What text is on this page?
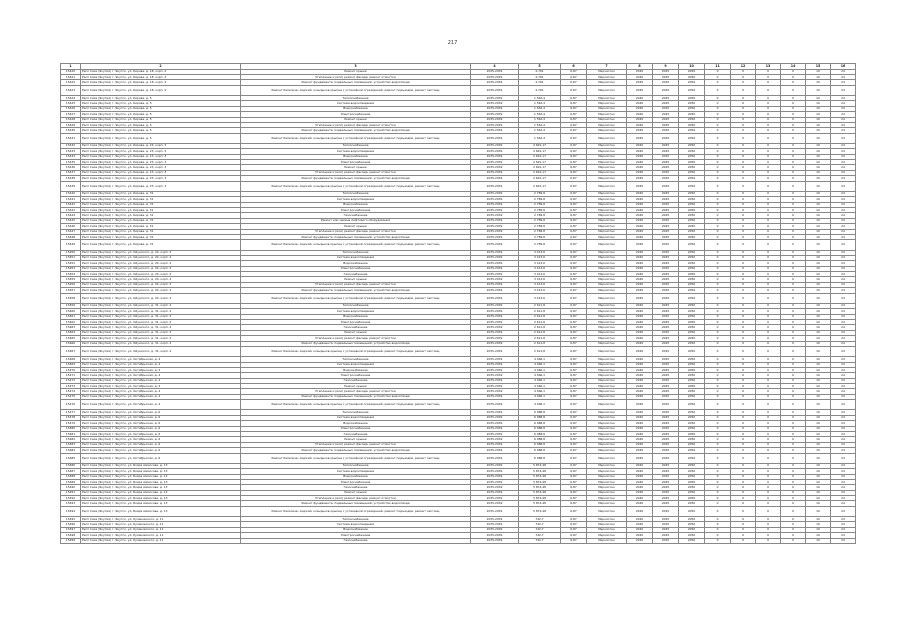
217
1	2	3	4	5	6	7	8	9	10	11	12	13	14	15	16
15420	Респ Саха (Якутия) г. Якутск, ул. Кирова, д. 18, корп. 2	Ремонт крыши	2035-2039	2,761	6,87	Мерзлотно	2040	2045	2050	0	0	0	0	10	24
15421	Респ Саха (Якутия) г. Якутск, ул. Кирова, д. 18, корп. 2	Утепление и (или) ремонт фасада, ремонт отмостки	2035-2039	2,761	6,87	Мерзлотно	2040	2045	2050	0	0	0	0	10	24
15422	Респ Саха (Якутия) г. Якутск, ул. Кирова, д. 18, корп. 2	Ремонт фундамента, подвальных помещений, устройство водоотвода	2035-2039	2,761	6,87	Мерзлотно	2040	2045	2050	0	0	0	0	10	24
15423	Респ Саха (Якутия) г. Якутск, ул. Кирова, д. 18, корп. 2	Ремонт балконов, лоджий, козырьков крылец с установкой ограждений, ремонт подъездов, ремонт лестниц	2035-2039	2,761	6,87	Мерзлотно	2040	2045	2050	0	0	0	0	10	24
15424	Респ Саха (Якутия) г. Якутск, ул. Кирова, д. 5	Теплоснабжение	2035-2039	1 562,4	6,87	Мерзлотно	2040	2045	2050	0	0	0	0	10	24
15425	Респ Саха (Якутия) г. Якутск, ул. Кирова, д. 5	Система водоотведения	2035-2039	1 562,4	6,87	Мерзлотно	2040	2045	2050	0	0	0	0	10	24
15426	Респ Саха (Якутия) г. Якутск, ул. Кирова, д. 5	Водоснабжение	2035-2039	1 562,4	6,87	Мерзлотно	2040	2045	2050	0	0	0	0	10	24
15427	Респ Саха (Якутия) г. Якутск, ул. Кирова, д. 5	Электроснабжение	2035-2039	1 562,4	6,87	Мерзлотно	2040	2045	2050	0	0	0	0	10	24
15428	Респ Саха (Якутия) г. Якутск, ул. Кирова, д. 5	Ремонт крыши	2035-2039	1 562,4	6,87	Мерзлотно	2040	2045	2050	0	0	0	0	10	24
15429	Респ Саха (Якутия) г. Якутск, ул. Кирова, д. 5	Утепление и (или) ремонт фасада, ремонт отмостки	2035-2039	1 562,4	6,87	Мерзлотно	2040	2045	2050	0	0	0	0	10	24
15430	Респ Саха (Якутия) г. Якутск, ул. Кирова, д. 5	Ремонт фундамента, подвальных помещений, устройство водоотвода	2035-2039	1 562,4	6,87	Мерзлотно	2040	2045	2050	0	0	0	0	10	24
15431	Респ Саха (Якутия) г. Якутск, ул. Кирова, д. 5	Ремонт балконов, лоджий, козырьков крылец с установкой ограждений, ремонт подъездов, ремонт лестниц	2035-2039	1 562,4	6,87	Мерзлотно	2040	2045	2050	0	0	0	0	10	24
15432	Респ Саха (Якутия) г. Якутск, ул. Кирова, д. 23, корп. 3	Теплоснабжение	2035-2039	2 691,17	6,87	Мерзлотно	2040	2045	2050	0	0	0	0	10	24
15433	Респ Саха (Якутия) г. Якутск, ул. Кирова, д. 23, корп. 3	Система водоотведения	2035-2039	2 691,17	6,87	Мерзлотно	2040	2045	2050	0	0	0	0	10	24
15434	Респ Саха (Якутия) г. Якутск, ул. Кирова, д. 23, корп. 3	Водоснабжение	2035-2039	2 691,17	6,87	Мерзлотно	2040	2045	2050	0	0	0	0	10	24
15435	Респ Саха (Якутия) г. Якутск, ул. Кирова, д. 23, корп. 3	Электроснабжение	2035-2039	2 691,17	6,87	Мерзлотно	2040	2045	2050	0	0	0	0	10	24
15436	Респ Саха (Якутия) г. Якутск, ул. Кирова, д. 23, корп. 3	Ремонт крыши	2035-2039	2 691,17	6,87	Мерзлотно	2040	2045	2050	0	0	0	0	10	24
15437	Респ Саха (Якутия) г. Якутск, ул. Кирова, д. 23, корп. 3	Утепление и (или) ремонт фасада, ремонт отмостки	2035-2039	2 691,17	6,87	Мерзлотно	2040	2045	2050	0	0	0	0	10	24
15438	Респ Саха (Якутия) г. Якутск, ул. Кирова, д. 23, корп. 3	Ремонт фундамента, подвальных помещений, устройство водоотвода	2035-2039	2 691,17	6,87	Мерзлотно	2040	2045	2050	0	0	0	0	10	24
15439	Респ Саха (Якутия) г. Якутск, ул. Кирова, д. 23, корп. 3	Ремонт балконов, лоджий, козырьков крылец с установкой ограждений, ремонт подъездов, ремонт лестниц	2035-2039	2 691,17	6,87	Мерзлотно	2040	2045	2050	0	0	0	0	10	24
15440	Респ Саха (Якутия) г. Якутск, ул. Кирова, д. 31	Теплоснабжение	2035-2039	2 789,8	6,87	Мерзлотно	2040	2045	2050	0	0	0	0	10	24
15441	Респ Саха (Якутия) г. Якутск, ул. Кирова, д. 31	Система водоотведения	2035-2039	2 789,8	6,87	Мерзлотно	2040	2045	2050	0	0	0	0	10	24
15442	Респ Саха (Якутия) г. Якутск, ул. Кирова, д. 31	Водоснабжение	2035-2039	2 789,8	6,87	Мерзлотно	2040	2045	2050	0	0	0	0	10	24
15443	Респ Саха (Якутия) г. Якутск, ул. Кирова, д. 31	Электроснабжение	2035-2039	2 789,8	6,87	Мерзлотно	2040	2045	2050	0	0	0	0	10	24
15444	Респ Саха (Якутия) г. Якутск, ул. Кирова, д. 31	Газоснабжение	2035-2039	2 789,8	6,87	Мерзлотно	2040	2045	2050	0	0	0	0	10	24
15445	Респ Саха (Якутия) г. Якутск, ул. Кирова, д. 31	Ремонт или замена лифтового оборудования	2035-2039	2 789,8	6,87	Мерзлотно	2040	2045	2050	0	0	0	0	10	24
15446	Респ Саха (Якутия) г. Якутск, ул. Кирова, д. 31	Ремонт крыши	2035-2039	2 789,8	6,87	Мерзлотно	2040	2045	2050	0	0	0	0	10	24
15447	Респ Саха (Якутия) г. Якутск, ул. Кирова, д. 31	Утепление и (или) ремонт фасада, ремонт отмостки	2035-2039	2 789,8	6,87	Мерзлотно	2040	2045	2050	0	0	0	0	10	24
15448	Респ Саха (Якутия) г. Якутск, ул. Кирова, д. 31	Ремонт фундамента, подвальных помещений, устройство водоотвода	2035-2039	2 789,8	6,87	Мерзлотно	2040	2045	2050	0	0	0	0	10	24
15449	Респ Саха (Якутия) г. Якутск, ул. Кирова, д. 31	Ремонт балконов, лоджий, козырьков крылец с установкой ограждений, ремонт подъездов, ремонт лестниц	2035-2039	2 789,8	6,87	Мерзлотно	2040	2045	2050	0	0	0	0	10	24
15450	Респ Саха (Якутия) г. Якутск, ул. Ойунского, д. 24, корп. 2	Теплоснабжение	2035-2039	3 413,6	6,87	Мерзлотно	2040	2045	2050	0	0	0	0	10	24
15451	Респ Саха (Якутия) г. Якутск, ул. Ойунского, д. 24, корп. 2	Система водоотведения	2035-2039	3 413,6	6,87	Мерзлотно	2040	2045	2050	0	0	0	0	10	24
15452	Респ Саха (Якутия) г. Якутск, ул. Ойунского, д. 24, корп. 2	Водоснабжение	2035-2039	3 413,6	6,87	Мерзлотно	2040	2045	2050	0	0	0	0	10	24
15453	Респ Саха (Якутия) г. Якутск, ул. Ойунского, д. 24, корп. 2	Электроснабжение	2035-2039	3 413,6	6,87	Мерзлотно	2040	2045	2050	0	0	0	0	10	24
15454	Респ Саха (Якутия) г. Якутск, ул. Ойунского, д. 24, корп. 2	Газоснабжение	2035-2039	3 413,6	6,87	Мерзлотно	2040	2045	2050	0	0	0	0	10	24
15455	Респ Саха (Якутия) г. Якутск, ул. Ойунского, д. 24, корп. 2	Ремонт крыши	2035-2039	3 413,6	6,87	Мерзлотно	2040	2045	2050	0	0	0	0	10	24
15456	Респ Саха (Якутия) г. Якутск, ул. Ойунского, д. 24, корп. 2	Утепление и (или) ремонт фасада, ремонт отмостки	2035-2039	3 413,6	6,87	Мерзлотно	2040	2045	2050	0	0	0	0	10	24
15457	Респ Саха (Якутия) г. Якутск, ул. Ойунского, д. 24, корп. 2	Ремонт фундамента, подвальных помещений, устройство водоотвода	2035-2039	3 413,6	6,87	Мерзлотно	2040	2045	2050	0	0	0	0	10	24
15458	Респ Саха (Якутия) г. Якутск, ул. Ойунского, д. 24, корп. 2	Ремонт балконов, лоджий, козырьков крылец с установкой ограждений, ремонт подъездов, ремонт лестниц	2035-2039	3 413,6	6,87	Мерзлотно	2040	2045	2050	0	0	0	0	10	24
15459	Респ Саха (Якутия) г. Якутск, ул. Ойунского, д. 31, корп. 2	Теплоснабжение	2035-2039	2 611,8	6,87	Мерзлотно	2040	2045	2050	0	0	0	0	10	24
15460	Респ Саха (Якутия) г. Якутск, ул. Ойунского, д. 31, корп. 2	Система водоотведения	2035-2039	2 611,8	6,87	Мерзлотно	2040	2045	2050	0	0	0	0	10	24
15461	Респ Саха (Якутия) г. Якутск, ул. Ойунского, д. 31, корп. 2	Водоснабжение	2035-2039	2 611,8	6,87	Мерзлотно	2040	2045	2050	0	0	0	0	10	24
15462	Респ Саха (Якутия) г. Якутск, ул. Ойунского, д. 31, корп. 2	Электроснабжение	2035-2039	2 611,8	6,87	Мерзлотно	2040	2045	2050	0	0	0	0	10	24
15463	Респ Саха (Якутия) г. Якутск, ул. Ойунского, д. 31, корп. 2	Газоснабжение	2035-2039	2 611,8	6,87	Мерзлотно	2040	2045	2050	0	0	0	0	10	24
15464	Респ Саха (Якутия) г. Якутск, ул. Ойунского, д. 31, корп. 2	Ремонт крыши	2035-2039	2 611,8	6,87	Мерзлотно	2040	2045	2050	0	0	0	0	10	24
15465	Респ Саха (Якутия) г. Якутск, ул. Ойунского, д. 31, корп. 2	Утепление и (или) ремонт фасада, ремонт отмостки	2035-2039	2 611,8	6,87	Мерзлотно	2040	2045	2050	0	0	0	0	10	24
15466	Респ Саха (Якутия) г. Якутск, ул. Ойунского, д. 31, корп. 2	Ремонт фундамента, подвальных помещений, устройство водоотвода	2035-2039	2 611,8	6,87	Мерзлотно	2040	2045	2050	0	0	0	0	10	24
15467	Респ Саха (Якутия) г. Якутск, ул. Ойунского, д. 31, корп. 2	Ремонт балконов, лоджий, козырьков крылец с установкой ограждений, ремонт подъездов, ремонт лестниц	2035-2039	2 611,8	6,87	Мерзлотно	2040	2045	2050	0	0	0	0	10	24
15468	Респ Саха (Якутия) г. Якутск, ул. Октябрьская, д. 4	Теплоснабжение	2035-2039	4 466,1	6,87	Мерзлотно	2040	2045	2050	0	0	0	0	10	24
15469	Респ Саха (Якутия) г. Якутск, ул. Октябрьская, д. 4	Система водоотведения	2035-2039	4 466,1	6,87	Мерзлотно	2040	2045	2050	0	0	0	0	10	24
15470	Респ Саха (Якутия) г. Якутск, ул. Октябрьская, д. 4	Водоснабжение	2035-2039	4 466,1	6,87	Мерзлотно	2040	2045	2050	0	0	0	0	10	24
15471	Респ Саха (Якутия) г. Якутск, ул. Октябрьская, д. 4	Электроснабжение	2035-2039	4 466,1	6,87	Мерзлотно	2040	2045	2050	0	0	0	0	10	24
15472	Респ Саха (Якутия) г. Якутск, ул. Октябрьская, д. 4	Газоснабжение	2035-2039	4 466,1	6,87	Мерзлотно	2040	2045	2050	0	0	0	0	10	24
15473	Респ Саха (Якутия) г. Якутск, ул. Октябрьская, д. 4	Ремонт крыши	2035-2039	4 466,1	6,87	Мерзлотно	2040	2045	2050	0	0	0	0	10	24
15474	Респ Саха (Якутия) г. Якутск, ул. Октябрьская, д. 4	Утепление и (или) ремонт фасада, ремонт отмостки	2035-2039	4 466,1	6,87	Мерзлотно	2040	2045	2050	0	0	0	0	10	24
15475	Респ Саха (Якутия) г. Якутск, ул. Октябрьская, д. 4	Ремонт фундамента, подвальных помещений, устройство водоотвода	2035-2039	4 466,1	6,87	Мерзлотно	2040	2045	2050	0	0	0	0	10	24
15476	Респ Саха (Якутия) г. Якутск, ул. Октябрьская, д. 4	Ремонт балконов, лоджий, козырьков крылец с установкой ограждений, ремонт подъездов, ремонт лестниц	2035-2039	4 466,1	6,87	Мерзлотно	2040	2045	2050	0	0	0	0	10	24
15477	Респ Саха (Якутия) г. Якутск, ул. Октябрьская, д. 6	Теплоснабжение	2035-2039	6 088,8	6,87	Мерзлотно	2040	2045	2050	0	0	0	0	10	24
15478	Респ Саха (Якутия) г. Якутск, ул. Октябрьская, д. 6	Система водоотведения	2035-2039	6 088,8	6,87	Мерзлотно	2040	2045	2050	0	0	0	0	10	24
15479	Респ Саха (Якутия) г. Якутск, ул. Октябрьская, д. 6	Водоснабжение	2035-2039	6 088,8	6,87	Мерзлотно	2040	2045	2050	0	0	0	0	10	24
15480	Респ Саха (Якутия) г. Якутск, ул. Октябрьская, д. 6	Электроснабжение	2035-2039	6 088,8	6,87	Мерзлотно	2040	2045	2050	0	0	0	0	10	24
15481	Респ Саха (Якутия) г. Якутск, ул. Октябрьская, д. 6	Газоснабжение	2035-2039	6 088,8	6,87	Мерзлотно	2040	2045	2050	0	0	0	0	10	24
15482	Респ Саха (Якутия) г. Якутск, ул. Октябрьская, д. 6	Ремонт крыши	2035-2039	6 088,8	6,87	Мерзлотно	2040	2045	2050	0	0	0	0	10	24
15483	Респ Саха (Якутия) г. Якутск, ул. Октябрьская, д. 6	Утепление и (или) ремонт фасада, ремонт отмостки	2035-2039	6 088,8	6,87	Мерзлотно	2040	2045	2050	0	0	0	0	10	24
15484	Респ Саха (Якутия) г. Якутск, ул. Октябрьская, д. 6	Ремонт фундамента, подвальных помещений, устройство водоотвода	2035-2039	6 088,8	6,87	Мерзлотно	2040	2045	2050	0	0	0	0	10	24
15485	Респ Саха (Якутия) г. Якутск, ул. Октябрьская, д. 6	Ремонт балконов, лоджий, козырьков крылец с установкой ограждений, ремонт подъездов, ремонт лестниц	2035-2039	6 088,8	6,87	Мерзлотно	2040	2045	2050	0	0	0	0	10	24
15486	Респ Саха (Якутия) г. Якутск, ул. Бояра Аммосова, д. 13	Теплоснабжение	2035-2039	5 874,48	6,87	Мерзлотно	2040	2045	2050	0	0	0	0	10	24
15487	Респ Саха (Якутия) г. Якутск, ул. Бояра Аммосова, д. 13	Система водоотведения	2035-2039	5 874,48	6,87	Мерзлотно	2040	2045	2050	0	0	0	0	10	24
15488	Респ Саха (Якутия) г. Якутск, ул. Бояра Аммосова, д. 13	Водоснабжение	2035-2039	5 874,48	6,87	Мерзлотно	2040	2045	2050	0	0	0	0	10	24
15489	Респ Саха (Якутия) г. Якутск, ул. Бояра Аммосова, д. 13	Электроснабжение	2035-2039	5 874,48	6,87	Мерзлотно	2040	2045	2050	0	0	0	0	10	24
15490	Респ Саха (Якутия) г. Якутск, ул. Бояра Аммосова, д. 13	Газоснабжение	2035-2039	5 874,48	6,87	Мерзлотно	2040	2045	2050	0	0	0	0	10	24
15491	Респ Саха (Якутия) г. Якутск, ул. Бояра Аммосова, д. 13	Ремонт крыши	2035-2039	5 874,48	6,87	Мерзлотно	2040	2045	2050	0	0	0	0	10	24
15492	Респ Саха (Якутия) г. Якутск, ул. Бояра Аммосова, д. 13	Утепление и (или) ремонт фасада, ремонт отмостки	2035-2039	5 874,48	6,87	Мерзлотно	2040	2045	2050	0	0	0	0	10	24
15493	Респ Саха (Якутия) г. Якутск, ул. Бояра Аммосова, д. 13	Ремонт фундамента, подвальных помещений, устройство водоотвода	2035-2039	5 874,48	6,87	Мерзлотно	2040	2045	2050	0	0	0	0	10	24
15494	Респ Саха (Якутия) г. Якутск, ул. Бояра Аммосова, д. 13	Ремонт балконов, лоджий, козырьков крылец с установкой ограждений, ремонт подъездов, ремонт лестниц	2035-2039	5 874,48	6,87	Мерзлотно	2040	2045	2050	0	0	0	0	10	24
15495	Респ Саха (Якутия) г. Якутск, ул. Кулаковского, д. 11	Теплоснабжение	2035-2039	742,7	6,87	Мерзлотно	2040	2045	2050	0	0	0	0	10	24
15496	Респ Саха (Якутия) г. Якутск, ул. Кулаковского, д. 11	Система водоотведения	2035-2039	742,7	6,87	Мерзлотно	2040	2045	2050	0	0	0	0	10	24
15497	Респ Саха (Якутия) г. Якутск, ул. Кулаковского, д. 11	Водоснабжение	2035-2039	742,7	6,87	Мерзлотно	2040	2045	2050	0	0	0	0	10	24
15498	Респ Саха (Якутия) г. Якутск, ул. Кулаковского, д. 11	Электроснабжение	2035-2039	742,7	6,87	Мерзлотно	2040	2045	2050	0	0	0	0	10	24
15499	Респ Саха (Якутия) г. Якутск, ул. Кулаковского, д. 11	Газоснабжение	2035-2039	742,7	6,87	Мерзлотно	2040	2045	2050	0	0	0	0	10	24
